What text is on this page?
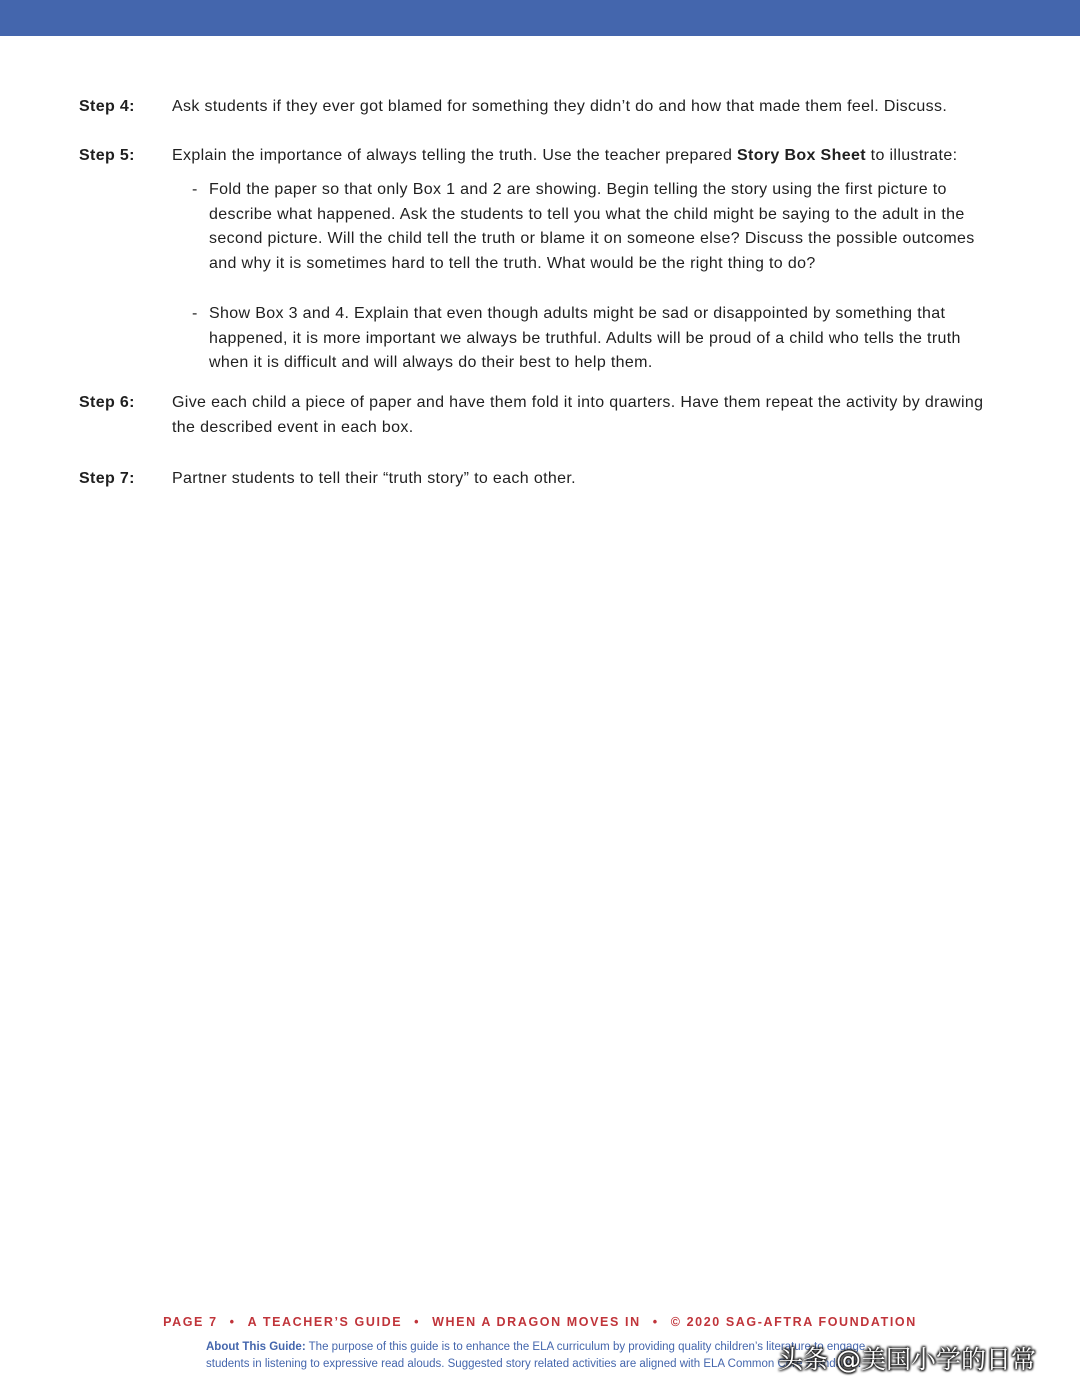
Step 4:	Ask students if they ever got blamed for something they didn’t do and how that made them feel. Discuss.
Step 5:	Explain the importance of always telling the truth. Use the teacher prepared Story Box Sheet to illustrate:
- Fold the paper so that only Box 1 and 2 are showing. Begin telling the story using the first picture to describe what happened. Ask the students to tell you what the child might be saying to the adult in the second picture. Will the child tell the truth or blame it on someone else? Discuss the possible outcomes and why it is sometimes hard to tell the truth. What would be the right thing to do?
- Show Box 3 and 4. Explain that even though adults might be sad or disappointed by something that happened, it is more important we always be truthful. Adults will be proud of a child who tells the truth when it is difficult and will always do their best to help them.
Step 6:	Give each child a piece of paper and have them fold it into quarters. Have them repeat the activity by drawing the described event in each box.
Step 7:	Partner students to tell their “truth story” to each other.
PAGE 7 • A TEACHER’S GUIDE • WHEN A DRAGON MOVES IN • © 2020 SAG-AFTRA FOUNDATION
About This Guide: The purpose of this guide is to enhance the ELA curriculum by providing quality children’s literature to engage
students in listening to expressive read alouds. Suggested story related activities are aligned with ELA Common Core Standards.
头条 @美国小学的日常
